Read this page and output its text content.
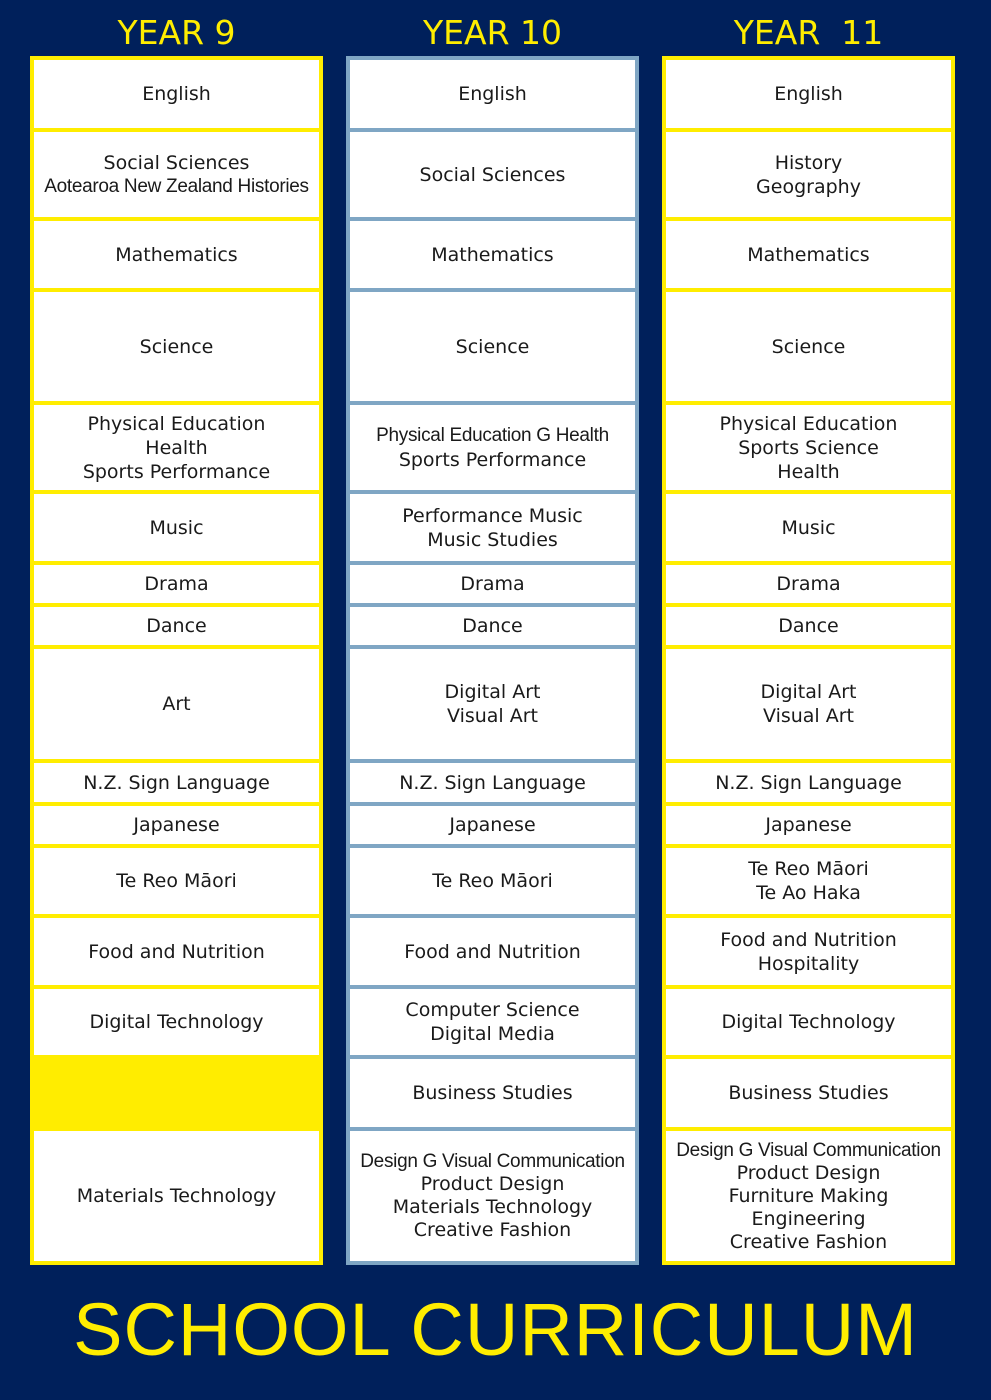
YEAR 9	YEAR 10	YEAR  11
English
Social Sciences
Aotearoa New Zealand Histories
Mathematics
Science
Physical Education
Health
Sports Performance
Music
Drama
Dance
Art
N.Z. Sign Language
Japanese
Te Reo Māori
Food and Nutrition
Digital Technology
Materials Technology
English
Social Sciences
Mathematics
Science
Physical Education G Health
Sports Performance
Performance Music
Music Studies
Drama
Dance
Digital Art
Visual Art
N.Z. Sign Language
Japanese
Te Reo Māori
Food and Nutrition
Computer Science
Digital Media
Business Studies
Design G Visual Communication
Product Design
Materials Technology
Creative Fashion
English
History
Geography
Mathematics
Science
Physical Education
Sports Science
Health
Music
Drama
Dance
Digital Art
Visual Art
N.Z. Sign Language
Japanese
Te Reo Māori
Te Ao Haka
Food and Nutrition
Hospitality
Digital Technology
Business Studies
Design G Visual Communication
Product Design
Furniture Making
Engineering
Creative Fashion
SCHOOL CURRICULUM
